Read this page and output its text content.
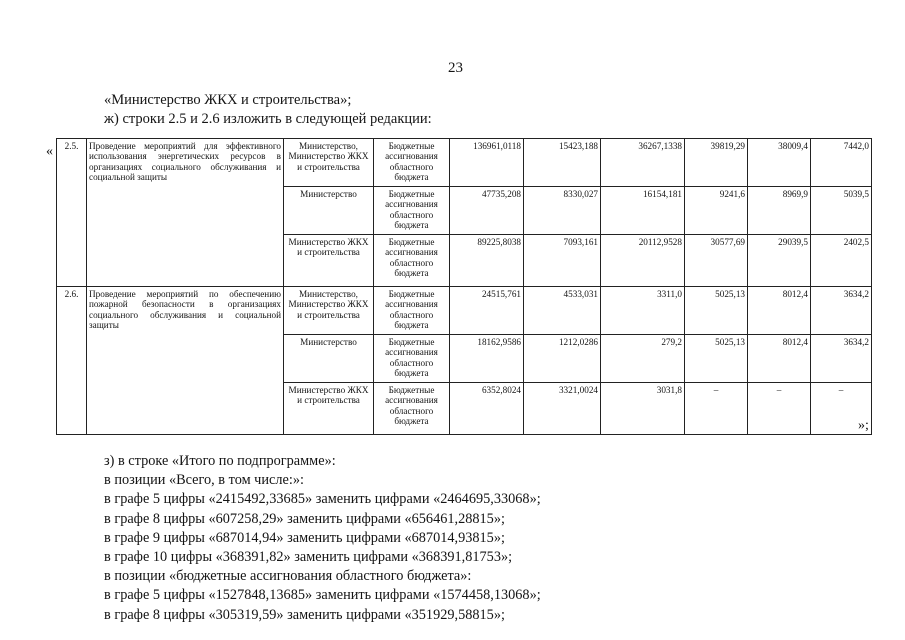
23
«Министерство ЖКХ и строительства»;
ж) строки 2.5 и 2.6 изложить в следующей редакции:
« 2.5.	Проведение мероприятий для эффективного использования энергетических ресурсов в организациях социального обслуживания и социальной защиты	Министерство, Министерство ЖКХ и строительства	Бюджетные ассигнования областного бюджета	136961,0118	15423,188	36267,1338	39819,29	38009,4	7442,0
		Министерство	Бюджетные ассигнования областного бюджета	47735,208	8330,027	16154,181	9241,6	8969,9	5039,5
		Министерство ЖКХ и строительства	Бюджетные ассигнования областного бюджета	89225,8038	7093,161	20112,9528	30577,69	29039,5	2402,5
2.6.	Проведение мероприятий по обеспечению пожарной безопасности в организациях социального обслуживания и социальной защиты	Министерство, Министерство ЖКХ и строительства	Бюджетные ассигнования областного бюджета	24515,761	4533,031	3311,0	5025,13	8012,4	3634,2
		Министерство	Бюджетные ассигнования областного бюджета	18162,9586	1212,0286	279,2	5025,13	8012,4	3634,2
		Министерство ЖКХ и строительства	Бюджетные ассигнования областного бюджета	6352,8024	3321,0024	3031,8	–	–	–
»;
з) в строке «Итого по подпрограмме»:
в позиции «Всего, в том числе:»:
в графе 5 цифры «2415492,33685» заменить цифрами «2464695,33068»;
в графе 8 цифры «607258,29» заменить цифрами «656461,28815»;
в графе 9 цифры «687014,94» заменить цифрами «687014,93815»;
в графе 10 цифры «368391,82» заменить цифрами «368391,81753»;
в позиции «бюджетные ассигнования областного бюджета»:
в графе 5 цифры «1527848,13685» заменить цифрами «1574458,13068»;
в графе 8 цифры «305319,59» заменить цифрами «351929,58815»;
